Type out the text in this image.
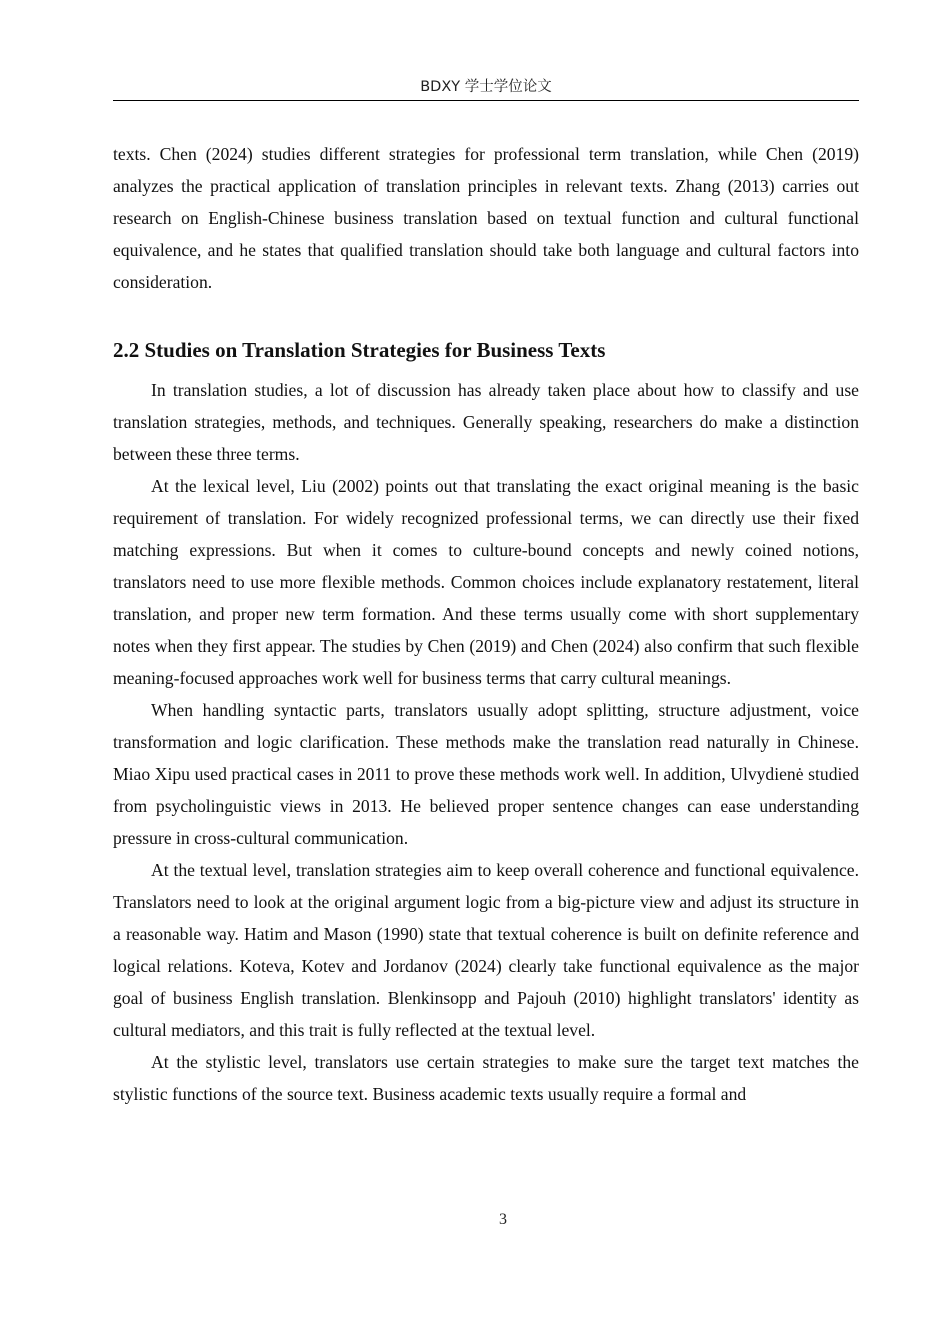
BDXY 学士学位论文

texts. Chen (2024) studies different strategies for professional term translation, while Chen (2019) analyzes the practical application of translation principles in relevant texts. Zhang (2013) carries out research on English-Chinese business translation based on textual function and cultural functional equivalence, and he states that qualified translation should take both language and cultural factors into consideration.

2.2 Studies on Translation Strategies for Business Texts

In translation studies, a lot of discussion has already taken place about how to classify and use translation strategies, methods, and techniques. Generally speaking, researchers do make a distinction between these three terms.

At the lexical level, Liu (2002) points out that translating the exact original meaning is the basic requirement of translation. For widely recognized professional terms, we can directly use their fixed matching expressions. But when it comes to culture-bound concepts and newly coined notions, translators need to use more flexible methods. Common choices include explanatory restatement, literal translation, and proper new term formation. And these terms usually come with short supplementary notes when they first appear. The studies by Chen (2019) and Chen (2024) also confirm that such flexible meaning-focused approaches work well for business terms that carry cultural meanings.

When handling syntactic parts, translators usually adopt splitting, structure adjustment, voice transformation and logic clarification. These methods make the translation read naturally in Chinese. Miao Xipu used practical cases in 2011 to prove these methods work well. In addition, Ulvydienė studied from psycholinguistic views in 2013. He believed proper sentence changes can ease understanding pressure in cross-cultural communication.

At the textual level, translation strategies aim to keep overall coherence and functional equivalence. Translators need to look at the original argument logic from a big-picture view and adjust its structure in a reasonable way. Hatim and Mason (1990) state that textual coherence is built on definite reference and logical relations. Koteva, Kotev and Jordanov (2024) clearly take functional equivalence as the major goal of business English translation. Blenkinsopp and Pajouh (2010) highlight translators' identity as cultural mediators, and this trait is fully reflected at the textual level.

At the stylistic level, translators use certain strategies to make sure the target text matches the stylistic functions of the source text. Business academic texts usually require a formal and

3
